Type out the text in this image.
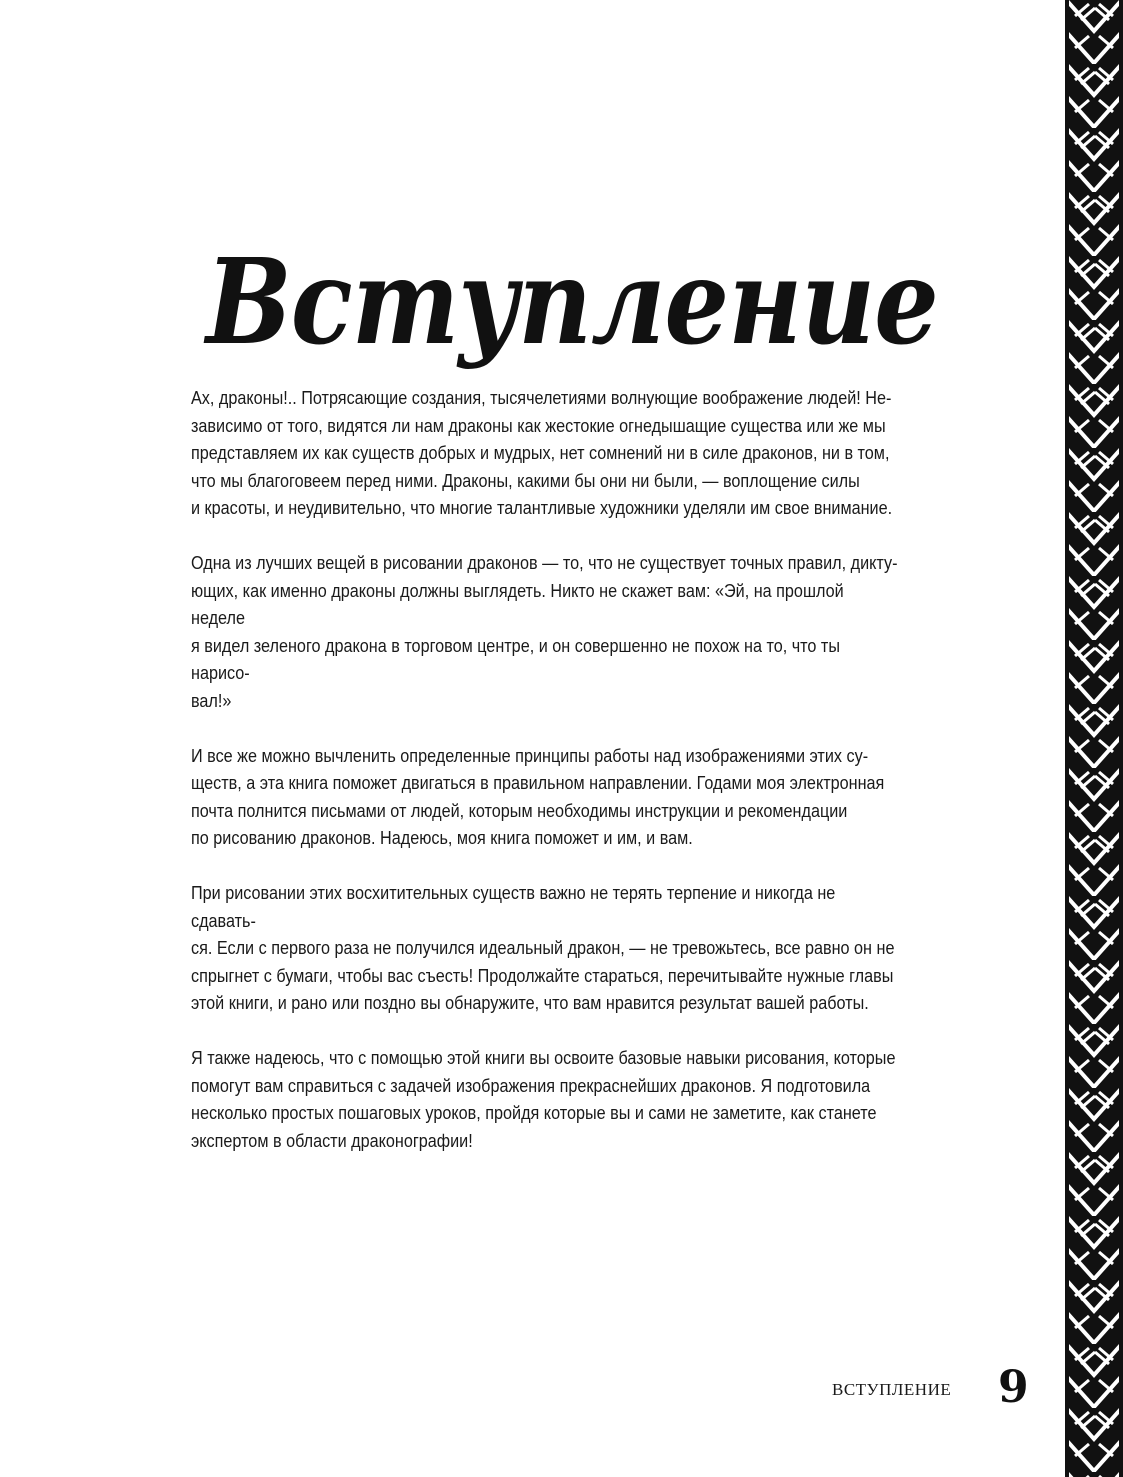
Вступление

Ах, драконы!.. Потрясающие создания, тысячелетиями волнующие воображение людей! Не-
зависимо от того, видятся ли нам драконы как жестокие огнедышащие существа или же мы
представляем их как существ добрых и мудрых, нет сомнений ни в силе драконов, ни в том,
что мы благоговеем перед ними. Драконы, какими бы они ни были, — воплощение силы
и красоты, и неудивительно, что многие талантливые художники уделяли им свое внимание.

Одна из лучших вещей в рисовании драконов — то, что не существует точных правил, дикту-
ющих, как именно драконы должны выглядеть. Никто не скажет вам: «Эй, на прошлой неделе
я видел зеленого дракона в торговом центре, и он совершенно не похож на то, что ты нарисо-
вал!»

И все же можно вычленить определенные принципы работы над изображениями этих су-
ществ, а эта книга поможет двигаться в правильном направлении. Годами моя электронная
почта полнится письмами от людей, которым необходимы инструкции и рекомендации
по рисованию драконов. Надеюсь, моя книга поможет и им, и вам.

При рисовании этих восхитительных существ важно не терять терпение и никогда не сдавать-
ся. Если с первого раза не получился идеальный дракон, — не тревожьтесь, все равно он не
спрыгнет с бумаги, чтобы вас съесть! Продолжайте стараться, перечитывайте нужные главы
этой книги, и рано или поздно вы обнаружите, что вам нравится результат вашей работы.

Я также надеюсь, что с помощью этой книги вы освоите базовые навыки рисования, которые
помогут вам справиться с задачей изображения прекраснейших драконов. Я подготовила
несколько простых пошаговых уроков, пройдя которые вы и сами не заметите, как станете
экспертом в области драконографии!

ВСТУПЛЕНИЕ 9
